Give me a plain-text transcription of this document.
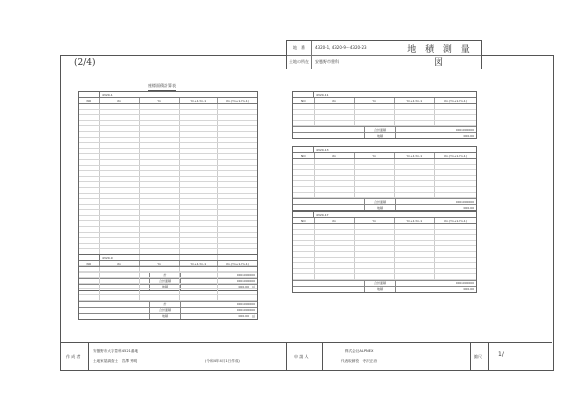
(2/4)
地　番	4320-1, 4320-9〜4320-23
土地の所在	安曇野市豊科
地 積 測 量 図
座標面積計算表
4320-1
NO	Xn	Yn	Yn+1-Yn-1	Xn·(Yn+1-Yn-1)
計	000.000000
合計面積	000.000000
地積	000.00　㎡
4320-9
NO	Xn	Yn	Yn+1-Yn-1	Xn·(Yn+1-Yn-1)
計	000.000000
合計面積	000.000000
地積	000.00　㎡
4320-11
NO	Xn	Yn	Yn+1-Yn-1	Xn·(Yn+1-Yn-1)
合計面積	000.000000
地積	000.00
4320-13
NO	Xn	Yn	Yn+1-Yn-1	Xn·(Yn+1-Yn-1)
合計面積	000.000000
地積	000.00
4320-17
NO	Xn	Yn	Yn+1-Yn-1	Xn·(Yn+1-Yn-1)
合計面積	000.000000
地積	000.00
作 成 者
安曇野市大字豊科4521番地
土地家屋調査士　宮澤 秀明	(令和4年4月1日作成)
申 請 人
株式会社ALPNEX
代表取締役　寺沢正治
縮尺	1/
